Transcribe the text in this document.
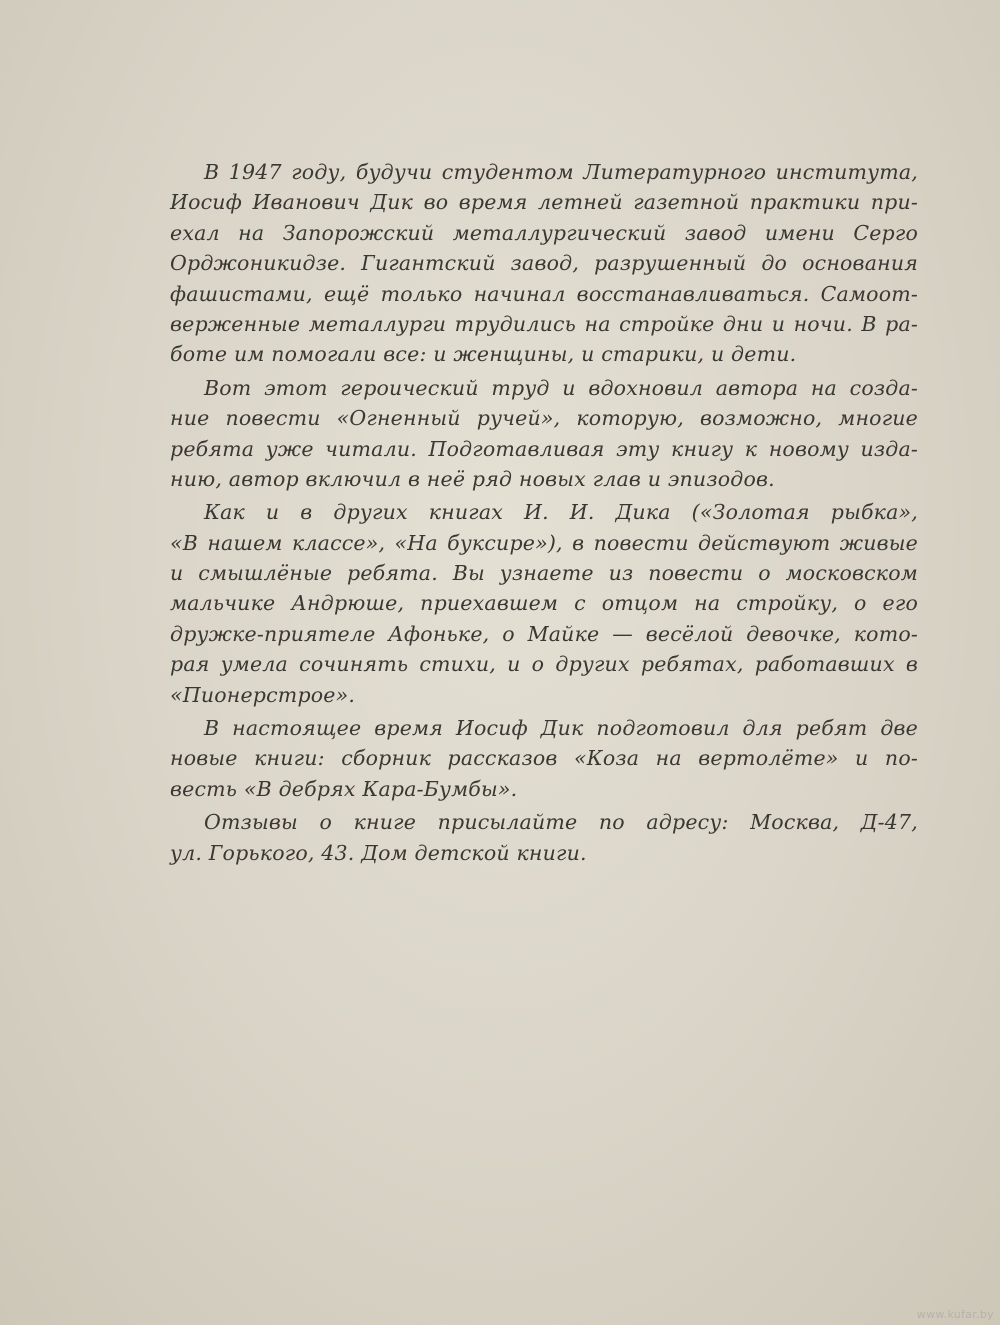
В 1947 году, будучи студентом Литературного института,
Иосиф Иванович Дик во время летней газетной практики при-
ехал на Запорожский металлургический завод имени Серго
Орджоникидзе. Гигантский завод, разрушенный до основания
фашистами, ещё только начинал восстанавливаться. Самоот-
верженные металлурги трудились на стройке дни и ночи. В ра-
боте им помогали все: и женщины, и старики, и дети.
Вот этот героический труд и вдохновил автора на созда-
ние повести «Огненный ручей», которую, возможно, многие
ребята уже читали. Подготавливая эту книгу к новому изда-
нию, автор включил в неё ряд новых глав и эпизодов.
Как и в других книгах И. И. Дика («Золотая рыбка»,
«В нашем классе», «На буксире»), в повести действуют живые
и смышлёные ребята. Вы узнаете из повести о московском
мальчике Андрюше, приехавшем с отцом на стройку, о его
дружке-приятеле Афоньке, о Майке — весёлой девочке, кото-
рая умела сочинять стихи, и о других ребятах, работавших в
«Пионерстрое».
В настоящее время Иосиф Дик подготовил для ребят две
новые книги: сборник рассказов «Коза на вертолёте» и по-
весть «В дебрях Кара-Бумбы».
Отзывы о книге присылайте по адресу: Москва, Д-47,
ул. Горького, 43. Дом детской книги.
www.kufar.by
